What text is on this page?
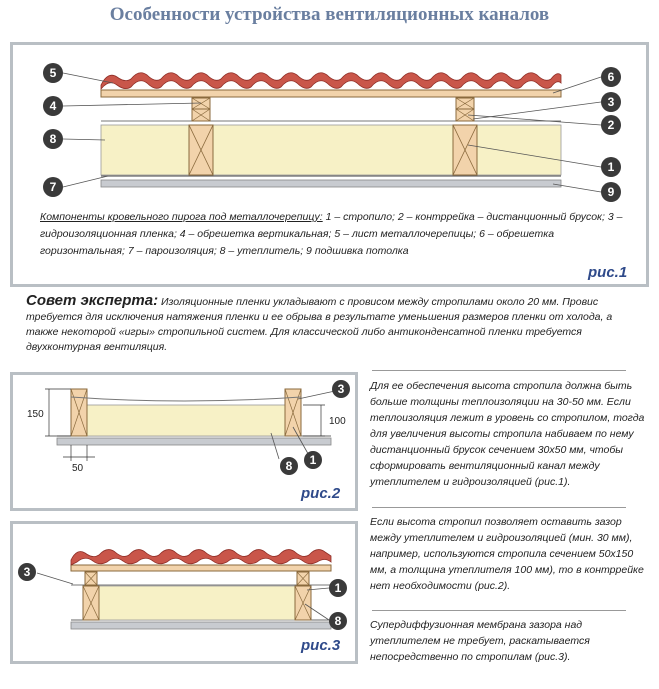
Особенности устройства вентиляционных каналов
5
4
8
7
6
3
2
1
9
Компоненты кровельного пирога под металлочерепицу: 1 – стропило; 2 – контррейка – дистанционный брусок; 3 – гидроизоляционная пленка; 4 – обрешетка вертикальная; 5 – лист металлочерепицы; 6 – обрешетка горизонтальная; 7 – пароизоляция; 8 – утеплитель; 9 подшивка потолка
рис.1
Совет эксперта: Изоляционные пленки укладывают с провисом между стропилами около 20 мм. Провис требуется для исключения натяжения пленки и ее обрыва в результате уменьшения размеров пленки от холода, а также некоторой «игры» стропильной систем. Для классической либо антиконденсатной пленки требуется двухконтурная вентиляция.
150
100
50
3
8 1
рис.2
Для ее обеспечения высота стропила должна быть больше толщины теплоизоляции на 30-50 мм. Если теплоизоляция лежит в уровень со стропилом, тогда для увеличения высоты стропила набиваем по нему дистанционный брусок сечением 30х50 мм, чтобы сформировать вентиляционный канал между утеплителем и гидроизоляцией (рис.1).
Если высота стропил позволяет оставить зазор между утеплителем и гидроизоляцией (мин. 30 мм), например, используются стропила сечением 50х150 мм, а толщина утеплителя 100 мм), то в контррейке нет необходимости (рис.2).
Супердиффузионная мембрана зазора над утеплителем не требует, раскатывается непосредственно по стропилам (рис.3).
3
1
8
рис.3
